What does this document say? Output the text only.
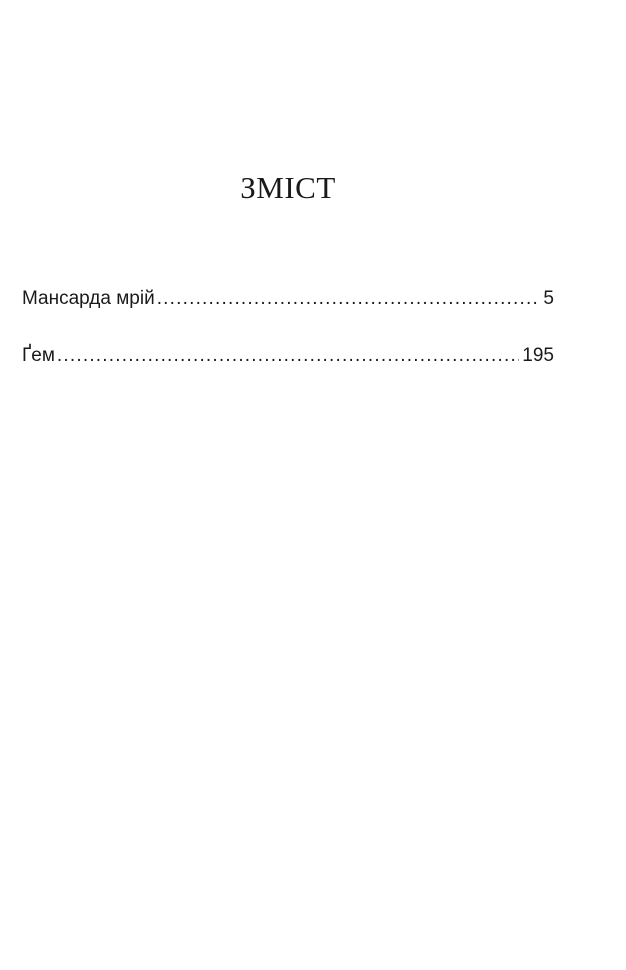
ЗМІСТ
Мансарда мрій .....	5
Ґем .....	195
